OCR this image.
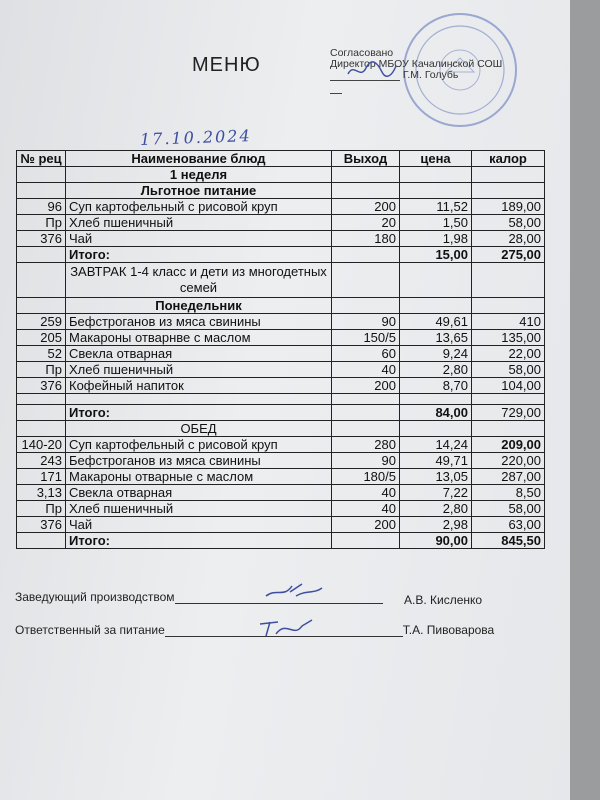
МЕНЮ
Согласовано
Директор МБОУ Качалинской СОШ
Г.М. Голубь
17.10.2024
№ рец	Наименование блюд	Выход	цена	калор
	1 неделя			
	Льготное питание			
96	Суп картофельный с рисовой круп	200	11,52	189,00
Пр	Хлеб пшеничный	20	1,50	58,00
376	Чай	180	1,98	28,00
	Итого:		15,00	275,00
	ЗАВТРАК 1-4 класс и дети из многодетных семей			
	Понедельник			
259	Бефстроганов из мяса свинины	90	49,61	410
205	Макароны отварнве с маслом	150/5	13,65	135,00
52	Свекла отварная	60	9,24	22,00
Пр	Хлеб пшеничный	40	2,80	58,00
376	Кофейный напиток	200	8,70	104,00

	Итого:		84,00	729,00
	ОБЕД			
140-20	Суп картофельный с рисовой круп	280	14,24	209,00
243	Бефстроганов из мяса свинины	90	49,71	220,00
171	Макароны отварные с маслом	180/5	13,05	287,00
3,13	Свекла отварная	40	7,22	8,50
Пр	Хлеб пшеничный	40	2,80	58,00
376	Чай	200	2,98	63,00
	Итого:		90,00	845,50
Заведующий производством	А.В. Кисленко
Ответственный за питание	Т.А. Пивоварова
